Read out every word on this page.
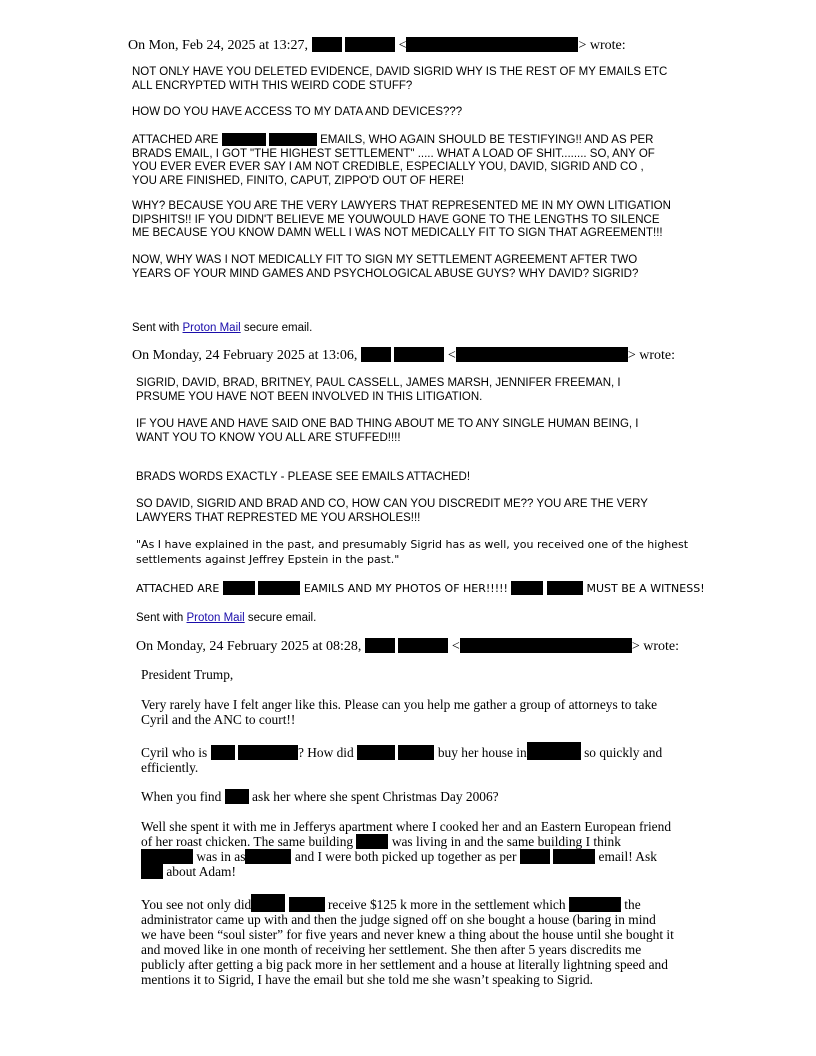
On Mon, Feb 24, 2025 at 13:27,	<	> wrote:
NOT ONLY HAVE YOU DELETED EVIDENCE, DAVID SIGRID WHY IS THE REST OF MY EMAILS ETC
ALL ENCRYPTED WITH THIS WEIRD CODE STUFF?
HOW DO YOU HAVE ACCESS TO MY DATA AND DEVICES???
ATTACHED ARE	EMAILS, WHO AGAIN SHOULD BE TESTIFYING!! AND AS PER
BRADS EMAIL, I GOT "THE HIGHEST SETTLEMENT" ..... WHAT A LOAD OF SHIT........ SO, ANY OF
YOU EVER EVER EVER SAY I AM NOT CREDIBLE, ESPECIALLY YOU, DAVID, SIGRID AND CO ,
YOU ARE FINISHED, FINITO, CAPUT, ZIPPO'D OUT OF HERE!
WHY? BECAUSE YOU ARE THE VERY LAWYERS THAT REPRESENTED ME IN MY OWN LITIGATION
DIPSHITS!! IF YOU DIDN'T BELIEVE ME YOUWOULD HAVE GONE TO THE LENGTHS TO SILENCE
ME BECAUSE YOU KNOW DAMN WELL I WAS NOT MEDICALLY FIT TO SIGN THAT AGREEMENT!!!
NOW, WHY WAS I NOT MEDICALLY FIT TO SIGN MY SETTLEMENT AGREEMENT AFTER TWO
YEARS OF YOUR MIND GAMES AND PSYCHOLOGICAL ABUSE GUYS? WHY DAVID? SIGRID?
Sent with Proton Mail secure email.
On Monday, 24 February 2025 at 13:06,	<	> wrote:
SIGRID, DAVID, BRAD, BRITNEY, PAUL CASSELL, JAMES MARSH, JENNIFER FREEMAN, I
PRSUME YOU HAVE NOT BEEN INVOLVED IN THIS LITIGATION.
IF YOU HAVE AND HAVE SAID ONE BAD THING ABOUT ME TO ANY SINGLE HUMAN BEING, I
WANT YOU TO KNOW YOU ALL ARE STUFFED!!!!
BRADS WORDS EXACTLY - PLEASE SEE EMAILS ATTACHED!
SO DAVID, SIGRID AND BRAD AND CO, HOW CAN YOU DISCREDIT ME?? YOU ARE THE VERY
LAWYERS THAT REPRESTED ME YOU ARSHOLES!!!
"As I have explained in the past, and presumably Sigrid has as well, you received one of the highest
settlements against Jeffrey Epstein in the past."
ATTACHED ARE	EAMILS AND MY PHOTOS OF HER!!!!!	MUST BE A WITNESS!
Sent with Proton Mail secure email.
On Monday, 24 February 2025 at 08:28,	<	> wrote:
President Trump,
Very rarely have I felt anger like this. Please can you help me gather a group of attorneys to take
Cyril and the ANC to court!!
Cyril who is	? How did	buy her house in	so quickly and
efficiently.
When you find ask her where she spent Christmas Day 2006?
Well she spent it with me in Jefferys apartment where I cooked her and an Eastern European friend
of her roast chicken. The same building	was living in and the same building I think
was in as	and I were both picked up together as per	email! Ask
about Adam!
You see not only did	receive $125 k more in the settlement which	the
administrator came up with and then the judge signed off on she bought a house (baring in mind
we have been “soul sister” for five years and never knew a thing about the house until she bought it
and moved like in one month of receiving her settlement. She then after 5 years discredits me
publicly after getting a big pack more in her settlement and a house at literally lightning speed and
mentions it to Sigrid, I have the email but she told me she wasn’t speaking to Sigrid.
